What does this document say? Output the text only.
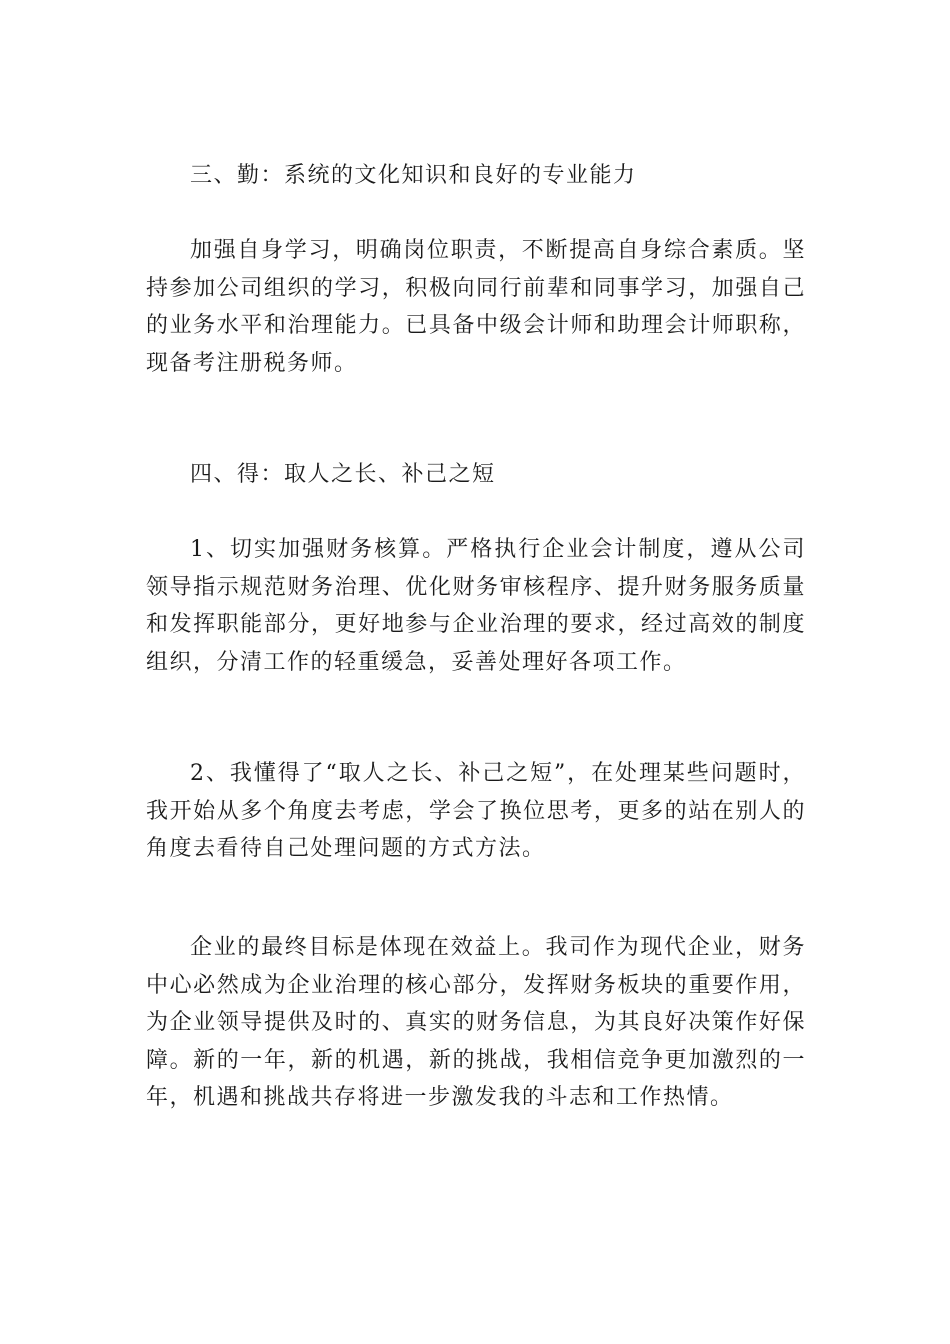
三、勤：系统的文化知识和良好的专业能力

加强自身学习，明确岗位职责，不断提高自身综合素质。坚持参加公司组织的学习，积极向同行前辈和同事学习，加强自己的业务水平和治理能力。已具备中级会计师和助理会计师职称，现备考注册税务师。

四、得：取人之长、补己之短

1、切实加强财务核算。严格执行企业会计制度，遵从公司领导指示规范财务治理、优化财务审核程序、提升财务服务质量和发挥职能部分，更好地参与企业治理的要求，经过高效的制度组织，分清工作的轻重缓急，妥善处理好各项工作。

2、我懂得了“取人之长、补己之短”，在处理某些问题时，我开始从多个角度去考虑，学会了换位思考，更多的站在别人的角度去看待自己处理问题的方式方法。

企业的最终目标是体现在效益上。我司作为现代企业，财务中心必然成为企业治理的核心部分，发挥财务板块的重要作用，为企业领导提供及时的、真实的财务信息，为其良好决策作好保障。新的一年，新的机遇，新的挑战，我相信竞争更加激烈的一年，机遇和挑战共存将进一步激发我的斗志和工作热情。
